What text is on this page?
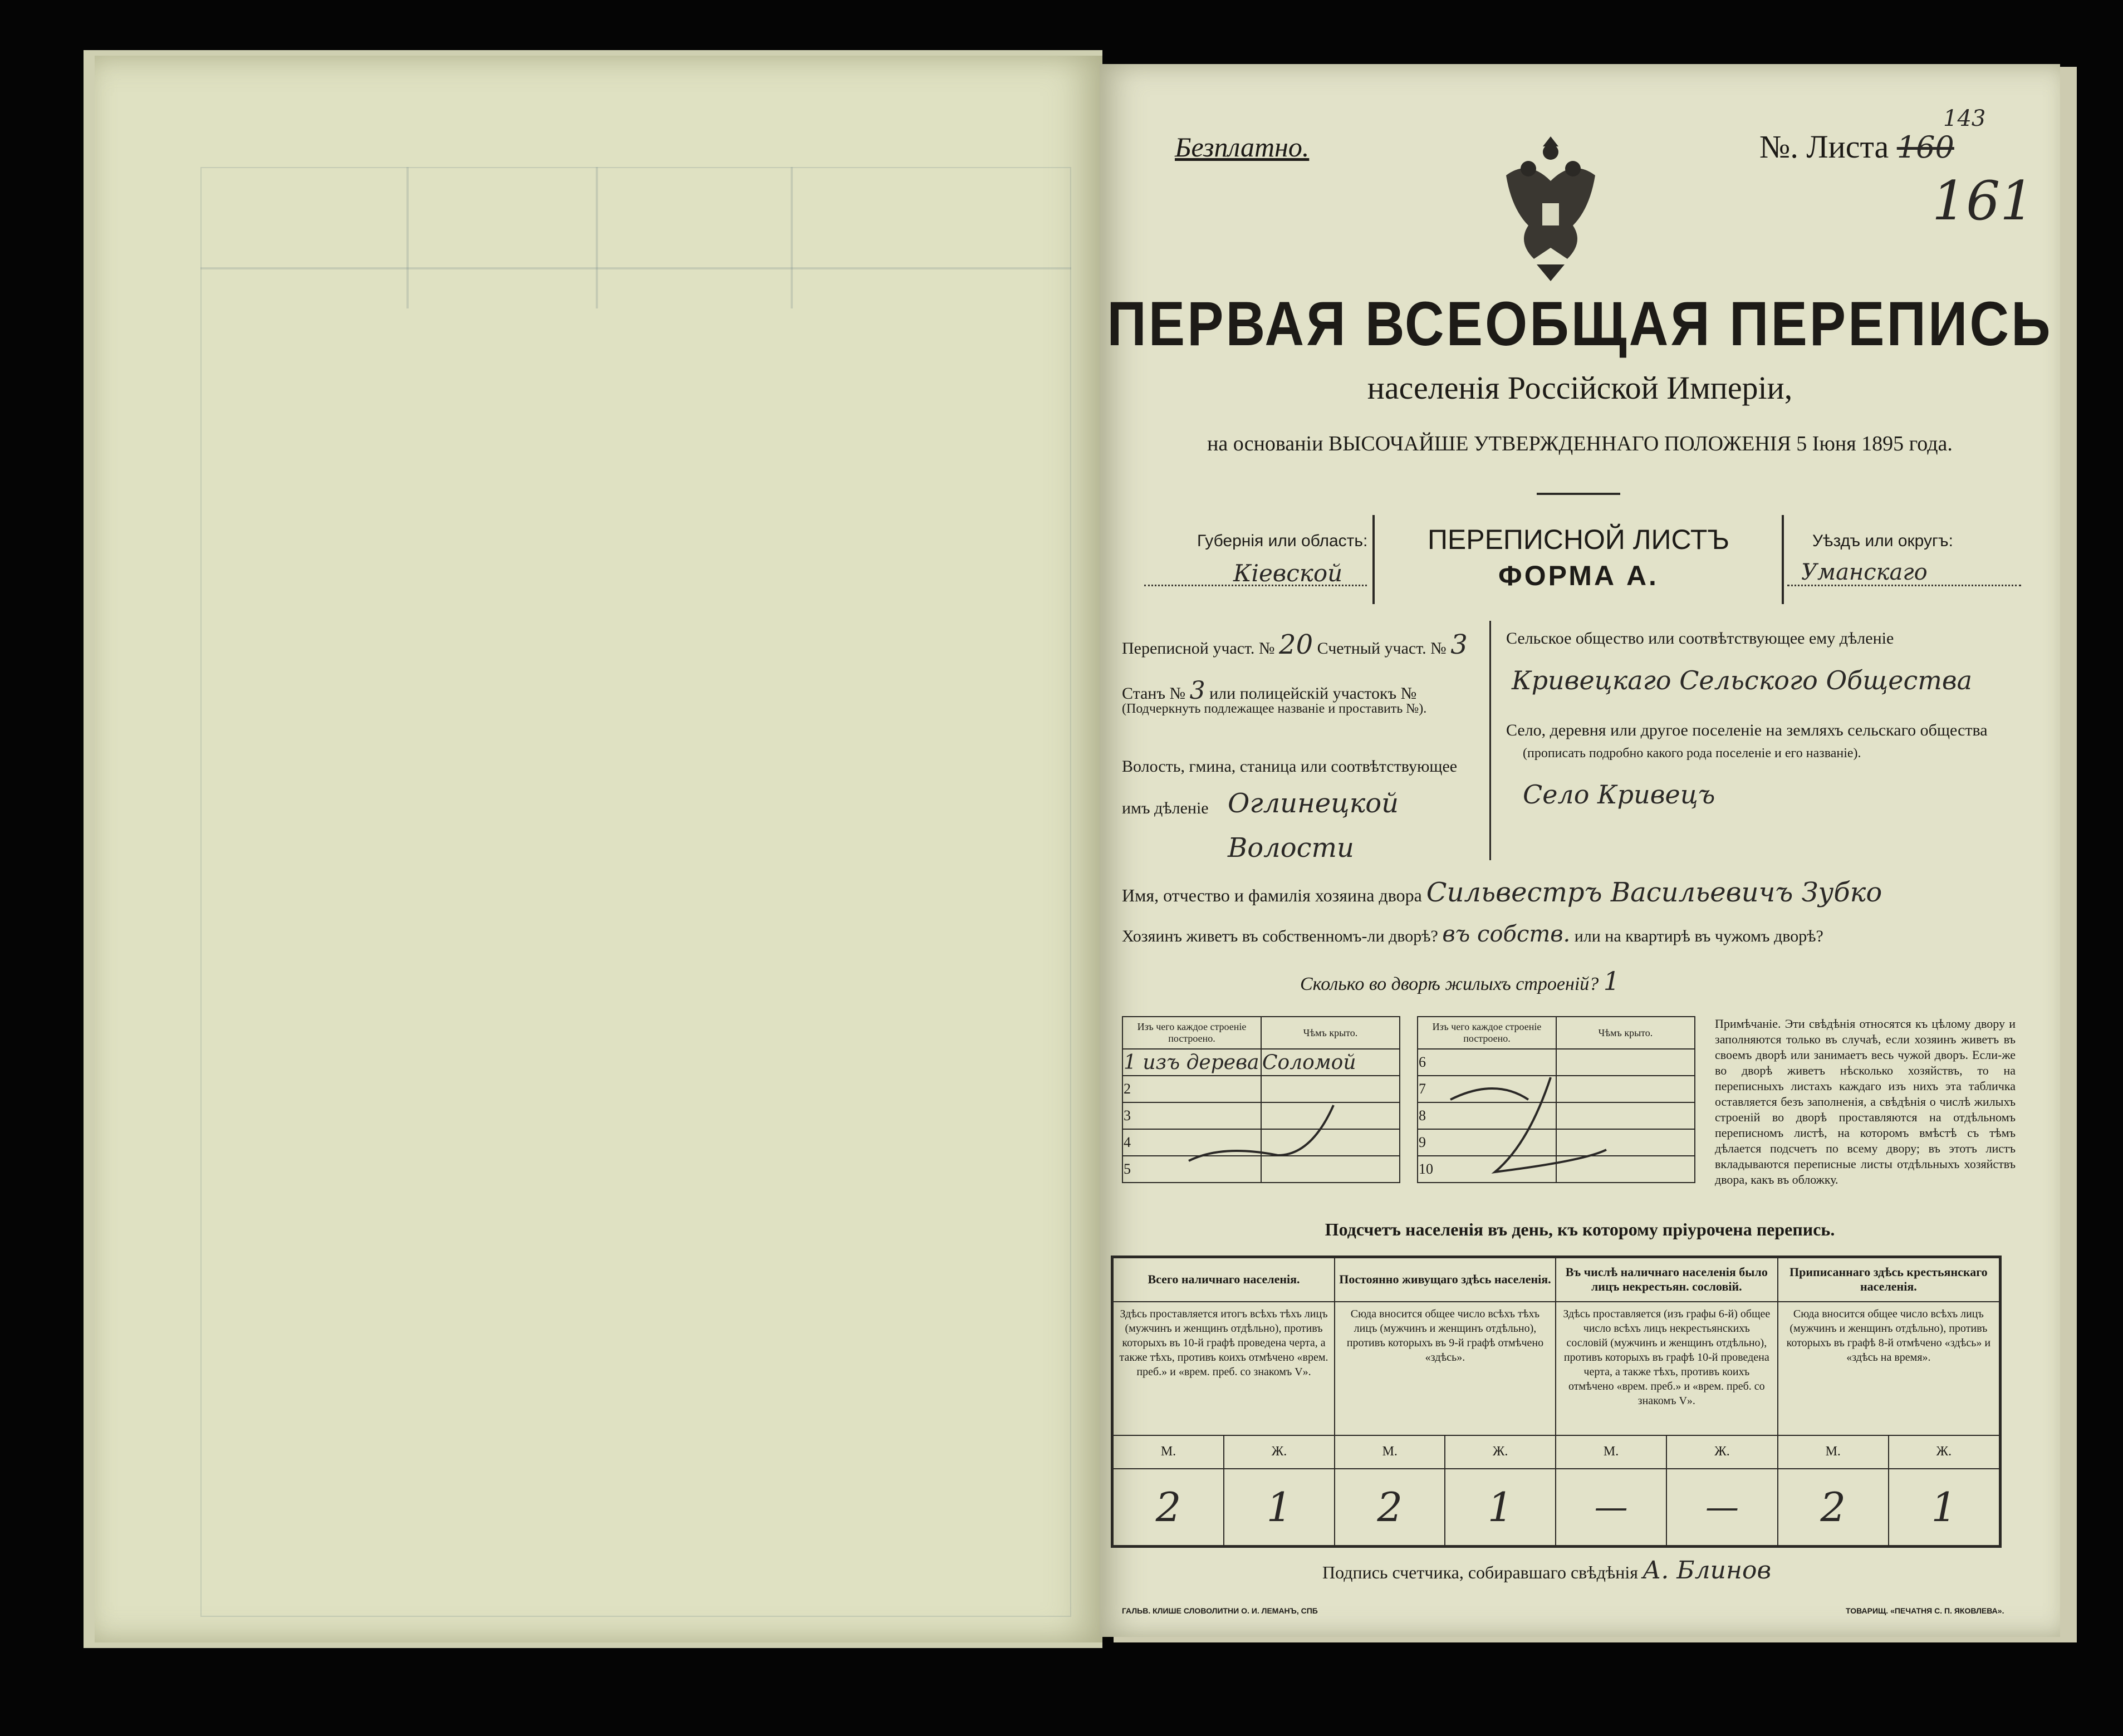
Безплатно.	№. Листа 160
143
161
ПЕРВАЯ ВСЕОБЩАЯ ПЕРЕПИСЬ
населенія Россійской Имперіи,
на основаніи ВЫСОЧАЙШЕ УТВЕРЖДЕННАГО ПОЛОЖЕНІЯ 5 Іюня 1895 года.
Губернія или область:
Кіевской
ПЕРЕПИСНОЙ ЛИСТЪ
ФОРМА А.
Уѣздъ или округъ:
Уманскаго
Переписной участ. № 20 Счетный участ. № 3
Станъ № 3 или полицейскій участокъ №
(Подчеркнуть подлежащее названіе и проставить №).
Волость, гмина, станица или соотвѣтствующее
имъ дѣленіе Оглинецкой
Волости
Сельское общество или соотвѣтствующее ему дѣленіе
Кривецкаго Сельского Общества
Село, деревня или другое поселеніе на земляхъ сельскаго общества
(прописать подробно какого рода поселеніе и его названіе).
Село Кривецъ
Имя, отчество и фамилія хозяина двора Сильвестръ Васильевичъ Зубко
Хозяинъ живетъ въ собственномъ-ли дворѣ? въ собств. или на квартирѣ въ чужомъ дворѣ?
Сколько во дворѣ жилыхъ строеній? 1
Изъ чего каждое строеніе построено.	Чѣмъ крыто.
1 изъ дерева	Соломой
2	
3	
4	
5	
Изъ чего каждое строеніе построено.	Чѣмъ крыто.
6	
7	
8	
9	
10	
Примѣчаніе. Эти свѣдѣнія относятся къ цѣлому двору и заполняются только въ случаѣ, если хозяинъ живетъ въ своемъ дворѣ или занимаетъ весь чужой дворъ. Если-же во дворѣ живетъ нѣсколько хозяйствъ, то на переписныхъ листахъ каждаго изъ нихъ эта табличка оставляется безъ заполненія, а свѣдѣнія о числѣ жилыхъ строеній во дворѣ проставляются на отдѣльномъ переписномъ листѣ, на которомъ вмѣстѣ съ тѣмъ дѣлается подсчетъ по всему двору; въ этотъ листъ вкладываются переписные листы отдѣльныхъ хозяйствъ двора, какъ въ обложку.
Подсчетъ населенія въ день, къ которому пріурочена перепись.
Всего наличнаго населенія.		Постоянно живущаго здѣсь населенія.		Въ числѣ наличнаго населенія было лицъ некрестьян. сословій.		Приписаннаго здѣсь крестьянскаго населенія.	
Здѣсь проставляется итогъ всѣхъ тѣхъ лицъ (мужчинъ и женщинъ отдѣльно), противъ которыхъ въ 10-й графѣ проведена черта, а также тѣхъ, противъ коихъ отмѣчено «врем. преб.» и «врем. преб. со знакомъ V».		Сюда вносится общее число всѣхъ тѣхъ лицъ (мужчинъ и женщинъ отдѣльно), противъ которыхъ въ 9-й графѣ отмѣчено «здѣсь».		Здѣсь проставляется (изъ графы 6-й) общее число всѣхъ лицъ некрестьянскихъ сословій (мужчинъ и женщинъ отдѣльно), противъ которыхъ въ графѣ 10-й проведена черта, а также тѣхъ, противъ коихъ отмѣчено «врем. преб.» и «врем. преб. со знакомъ V».		Сюда вносится общее число всѣхъ лицъ (мужчинъ и женщинъ отдѣльно), противъ которыхъ въ графѣ 8-й отмѣчено «здѣсь» и «здѣсь на время».	
М.	Ж.	М.	Ж.	М.	Ж.	М.	Ж.
2	1	2	1	—	—	2	1
Подпись счетчика, собиравшаго свѣдѣнія А. Блинов
ГАЛЬВ. КЛИШЕ СЛОВОЛИТНИ О. И. ЛЕМАНЪ, СПБ	ТОВАРИЩ. «ПЕЧАТНЯ С. П. ЯКОВЛЕВА».
